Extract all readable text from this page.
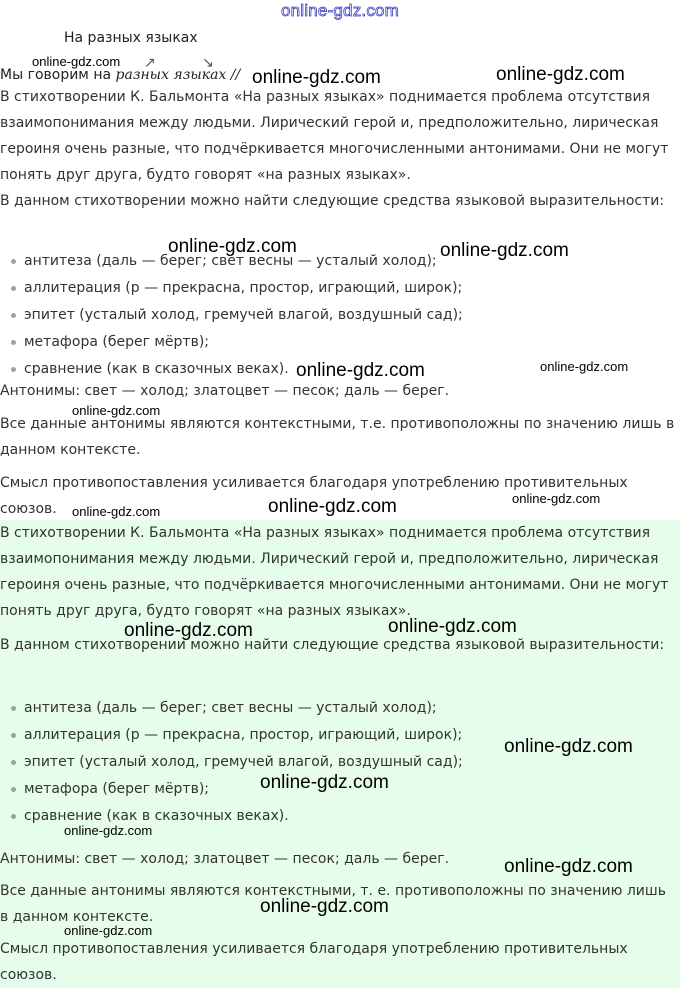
online-gdz.com
На разных языках
↗	↘
Мы говорим на разных языках //
В стихотворении К. Бальмонта «На разных языках» поднимается проблема отсутствия взаимопонимания между людьми. Лирический герой и, предположительно, лирическая героиня очень разные, что подчёркивается многочисленными антонимами. Они не могут понять друг друга, будто говорят «на разных языках».
В данном стихотворении можно найти следующие средства языковой выразительности:
антитеза (даль — берег; свет весны — усталый холод);
аллитерация (р — прекрасна, простор, играющий, широк);
эпитет (усталый холод, гремучей влагой, воздушный сад);
метафора (берег мёртв);
сравнение (как в сказочных веках).
Антонимы: свет — холод; златоцвет — песок; даль — берег.
Все данные антонимы являются контекстными, т.е. противоположны по значению лишь в данном контексте.
Смысл противопоставления усиливается благодаря употреблению противительных союзов.
В стихотворении К. Бальмонта «На разных языках» поднимается проблема отсутствия взаимопонимания между людьми. Лирический герой и, предположительно, лирическая героиня очень разные, что подчёркивается многочисленными антонимами. Они не могут понять друг друга, будто говорят «на разных языках».
В данном стихотворении можно найти следующие средства языковой выразительности:
антитеза (даль — берег; свет весны — усталый холод);
аллитерация (р — прекрасна, простор, играющий, широк);
эпитет (усталый холод, гремучей влагой, воздушный сад);
метафора (берег мёртв);
сравнение (как в сказочных веках).
Антонимы: свет — холод; златоцвет — песок; даль — берег.
Все данные антонимы являются контекстными, т. е. противоположны по значению лишь в данном контексте.
Смысл противопоставления усиливается благодаря употреблению противительных союзов.
online-gdz.com
online-gdz.com	online-gdz.com
online-gdz.com	online-gdz.com
online-gdz.com	online-gdz.com
online-gdz.com
online-gdz.com	online-gdz.com	online-gdz.com
online-gdz.com	online-gdz.com
online-gdz.com
online-gdz.com
online-gdz.com
online-gdz.com
online-gdz.com
online-gdz.com
